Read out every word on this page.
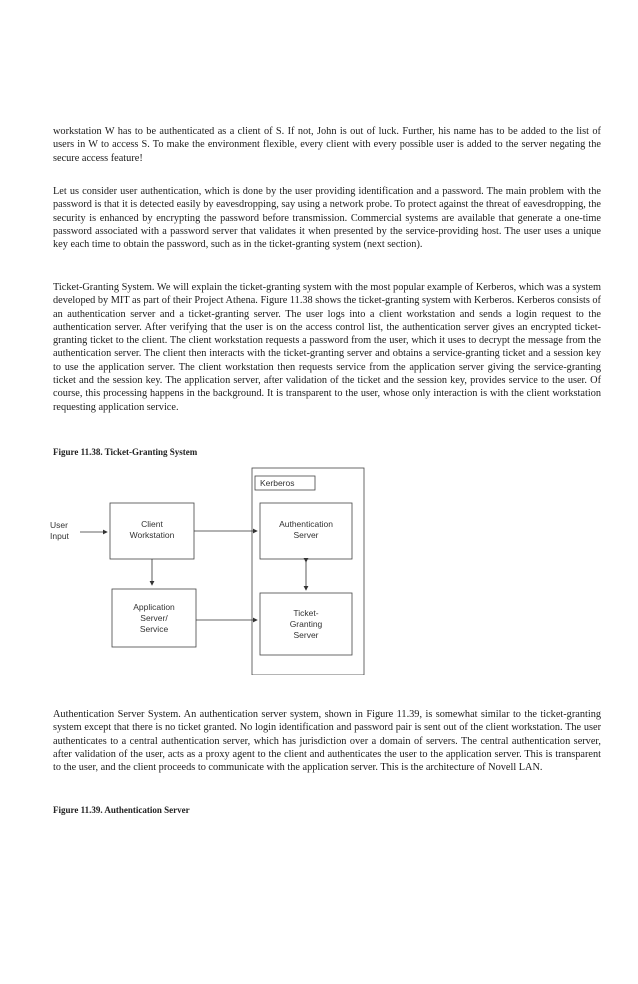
workstation W has to be authenticated as a client of S. If not, John is out of luck. Further, his name has to be added to the list of users in W to access S. To make the environment flexible, every client with every possible user is added to the server negating the secure access feature!

Let us consider user authentication, which is done by the user providing identification and a password. The main problem with the password is that it is detected easily by eavesdropping, say using a network probe. To protect against the threat of eavesdropping, the security is enhanced by encrypting the password before transmission. Commercial systems are available that generate a one-time password associated with a password server that validates it when presented by the service-providing host. The user uses a unique key each time to obtain the password, such as in the ticket-granting system (next section).

Ticket-Granting System. We will explain the ticket-granting system with the most popular example of Kerberos, which was a system developed by MIT as part of their Project Athena. Figure 11.38 shows the ticket-granting system with Kerberos. Kerberos consists of an authentication server and a ticket-granting server. The user logs into a client workstation and sends a login request to the authentication server. After verifying that the user is on the access control list, the authentication server gives an encrypted ticket-granting ticket to the client. The client workstation requests a password from the user, which it uses to decrypt the message from the authentication server. The client then interacts with the ticket-granting server and obtains a service-granting ticket and a session key to use the application server. The client workstation then requests service from the application server giving the service-granting ticket and the session key. The application server, after validation of the ticket and the session key, provides service to the user. Of course, this processing happens in the background. It is transparent to the user, whose only interaction is with the client workstation requesting application service.

Figure 11.38. Ticket-Granting System

Kerberos
User
Input
Client
Workstation
Authentication
Server
Application
Server/
Service
Ticket-
Granting
Server

Authentication Server System. An authentication server system, shown in Figure 11.39, is somewhat similar to the ticket-granting system except that there is no ticket granted. No login identification and password pair is sent out of the client workstation. The user authenticates to a central authentication server, which has jurisdiction over a domain of servers. The central authentication server, after validation of the user, acts as a proxy agent to the client and authenticates the user to the application server. This is transparent to the user, and the client proceeds to communicate with the application server. This is the architecture of Novell LAN.

Figure 11.39. Authentication Server
